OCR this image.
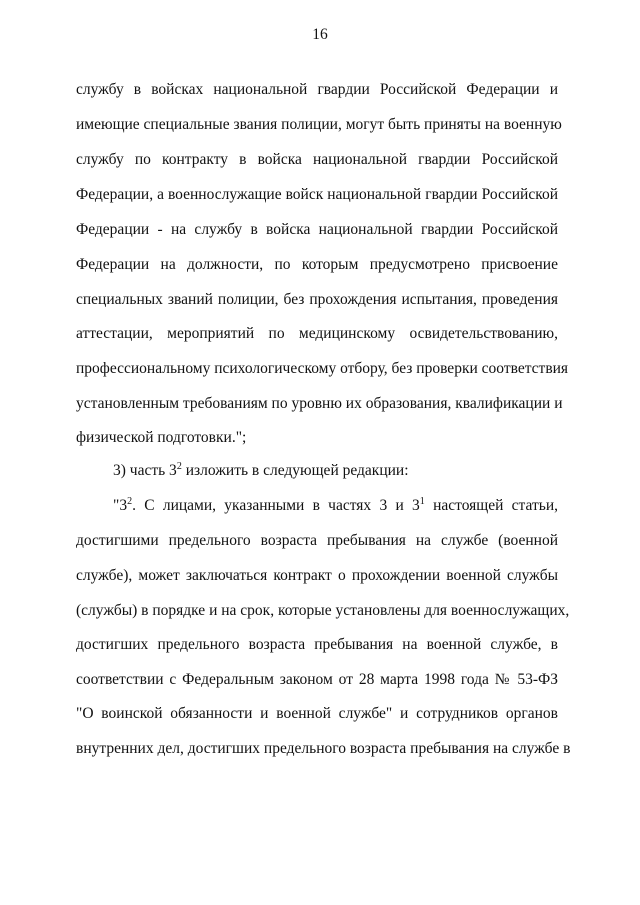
16
службу в войсках национальной гвардии Российской Федерации и
имеющие специальные звания полиции, могут быть приняты на военную
службу по контракту в войска национальной гвардии Российской
Федерации, а военнослужащие войск национальной гвардии Российской
Федерации - на службу в войска национальной гвардии Российской
Федерации на должности, по которым предусмотрено присвоение
специальных званий полиции, без прохождения испытания, проведения
аттестации, мероприятий по медицинскому освидетельствованию,
профессиональному психологическому отбору, без проверки соответствия
установленным требованиям по уровню их образования, квалификации и
физической подготовки.";
3) часть $3^2$ изложить в следующей редакции:
"$3^2$. С лицами, указанными в частях 3 и $3^1$ настоящей статьи,
достигшими предельного возраста пребывания на службе (военной
службе), может заключаться контракт о прохождении военной службы
(службы) в порядке и на срок, которые установлены для военнослужащих,
достигших предельного возраста пребывания на военной службе, в
соответствии с Федеральным законом от 28 марта 1998 года № 53-ФЗ
"О воинской обязанности и военной службе" и сотрудников органов
внутренних дел, достигших предельного возраста пребывания на службе в
